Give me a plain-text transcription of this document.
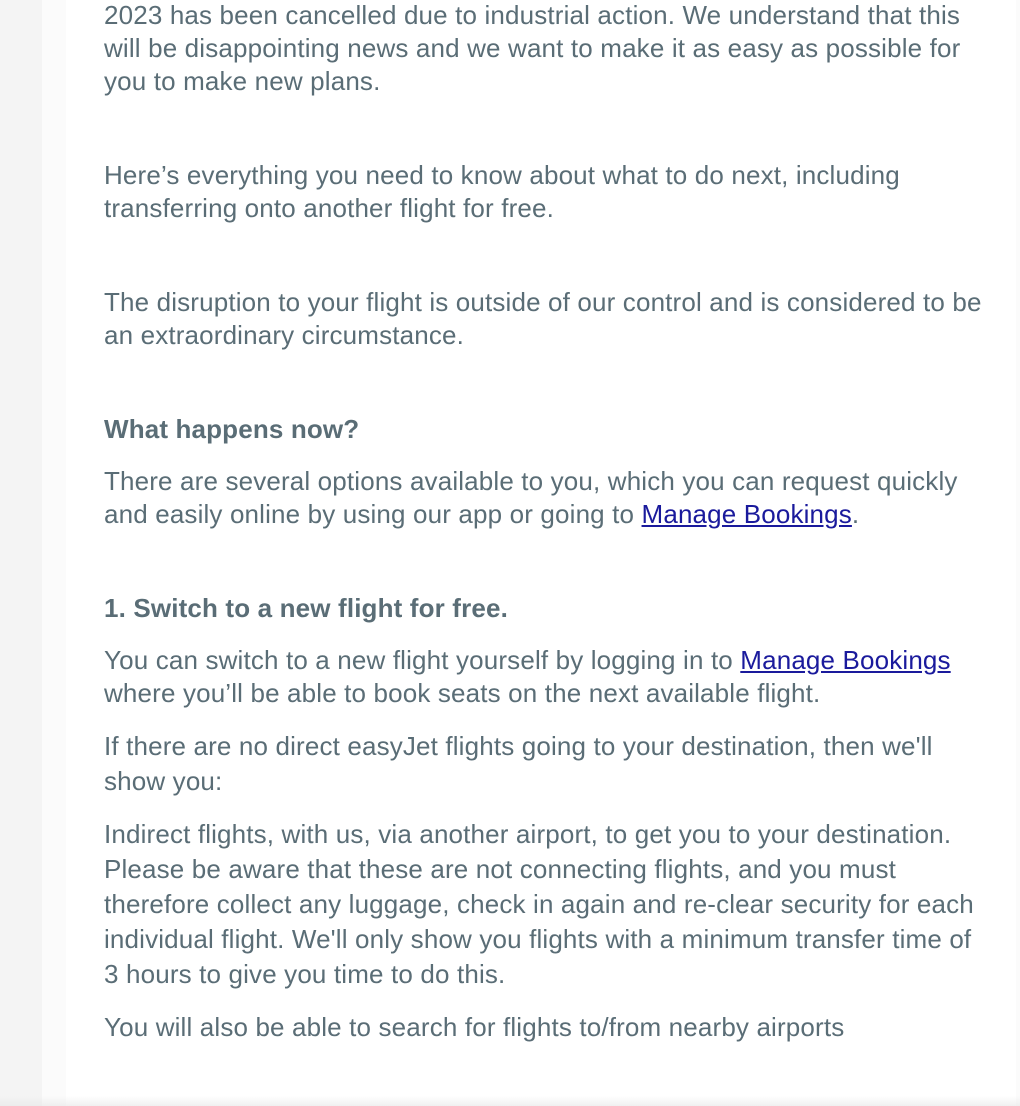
2023 has been cancelled due to industrial action. We understand that this will be disappointing news and we want to make it as easy as possible for you to make new plans.

Here’s everything you need to know about what to do next, including transferring onto another flight for free.

The disruption to your flight is outside of our control and is considered to be an extraordinary circumstance.

What happens now?

There are several options available to you, which you can request quickly and easily online by using our app or going to Manage Bookings.

1. Switch to a new flight for free.

You can switch to a new flight yourself by logging in to Manage Bookings where you’ll be able to book seats on the next available flight.

If there are no direct easyJet flights going to your destination, then we'll show you:

Indirect flights, with us, via another airport, to get you to your destination. Please be aware that these are not connecting flights, and you must therefore collect any luggage, check in again and re-clear security for each individual flight. We'll only show you flights with a minimum transfer time of 3 hours to give you time to do this.

You will also be able to search for flights to/from nearby airports
